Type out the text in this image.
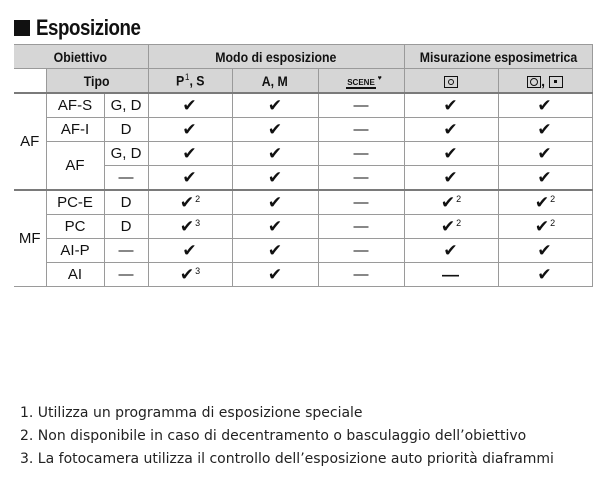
Esposizione
Obiettivo			Modo di esposizione			Misurazione esposimetrica	
	Tipo		P$^1$, S	A, M	SCENE ♥		,
AF	AF-S	G, D	✔	✔	—	✔	✔
	AF-I	D	✔	✔	—	✔	✔
	AF	G, D	✔	✔	—	✔	✔
		—	✔	✔	—	✔	✔
MF	PC-E	D	✔$^2$	✔	—	✔$^2$	✔$^2$
	PC	D	✔$^3$	✔	—	✔$^2$	✔$^2$
	AI-P	—	✔	✔	—	✔	✔
	AI	—	✔$^3$	✔	—	—	✔
1. Utilizza un programma di esposizione speciale
2. Non disponibile in caso di decentramento o basculaggio dell’obiettivo
3. La fotocamera utilizza il controllo dell’esposizione auto priorità diaframmi
